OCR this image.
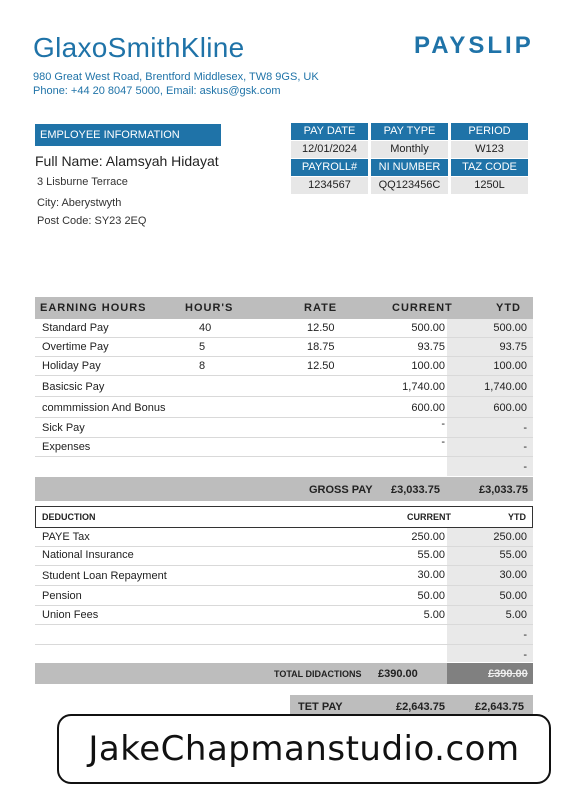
GlaxoSmithKline
980 Great West Road, Brentford Middlesex, TW8 9GS, UK
Phone: +44 20 8047 5000, Email: askus@gsk.com
PAYSLIP
EMPLOYEE INFORMATION
Full Name: Alamsyah Hidayat
3 Lisburne Terrace
City: Aberystwyth
Post Code: SY23 2EQ
PAY DATE	PAY TYPE	PERIOD
12/01/2024	Monthly	W123
PAYROLL#	NI NUMBER	TAZ CODE
1234567	QQ123456C	1250L
EARNING HOURS	HOUR'S	RATE	CURRENT	YTD
Standard Pay	40	12.50	500.00	500.00
Overtime Pay	5	18.75	93.75	93.75
Holiday Pay	8	12.50	100.00	100.00
Basicsic Pay	1,740.00	1,740.00
commmission And Bonus	600.00	600.00
Sick Pay	-	-
Expenses	-	-
-
GROSS PAY £3,033.75	£3,033.75
DEDUCTION	CURRENT	YTD
PAYE Tax	250.00	250.00
National Insurance	55.00	55.00
Student Loan Repayment	30.00	30.00
Pension	50.00	50.00
Union Fees	5.00	5.00
-
-
TOTAL DIDACTIONS £390.00	£390.00
TET PAY	£2,643.75	£2,643.75
JakeChapmanstudio.com
